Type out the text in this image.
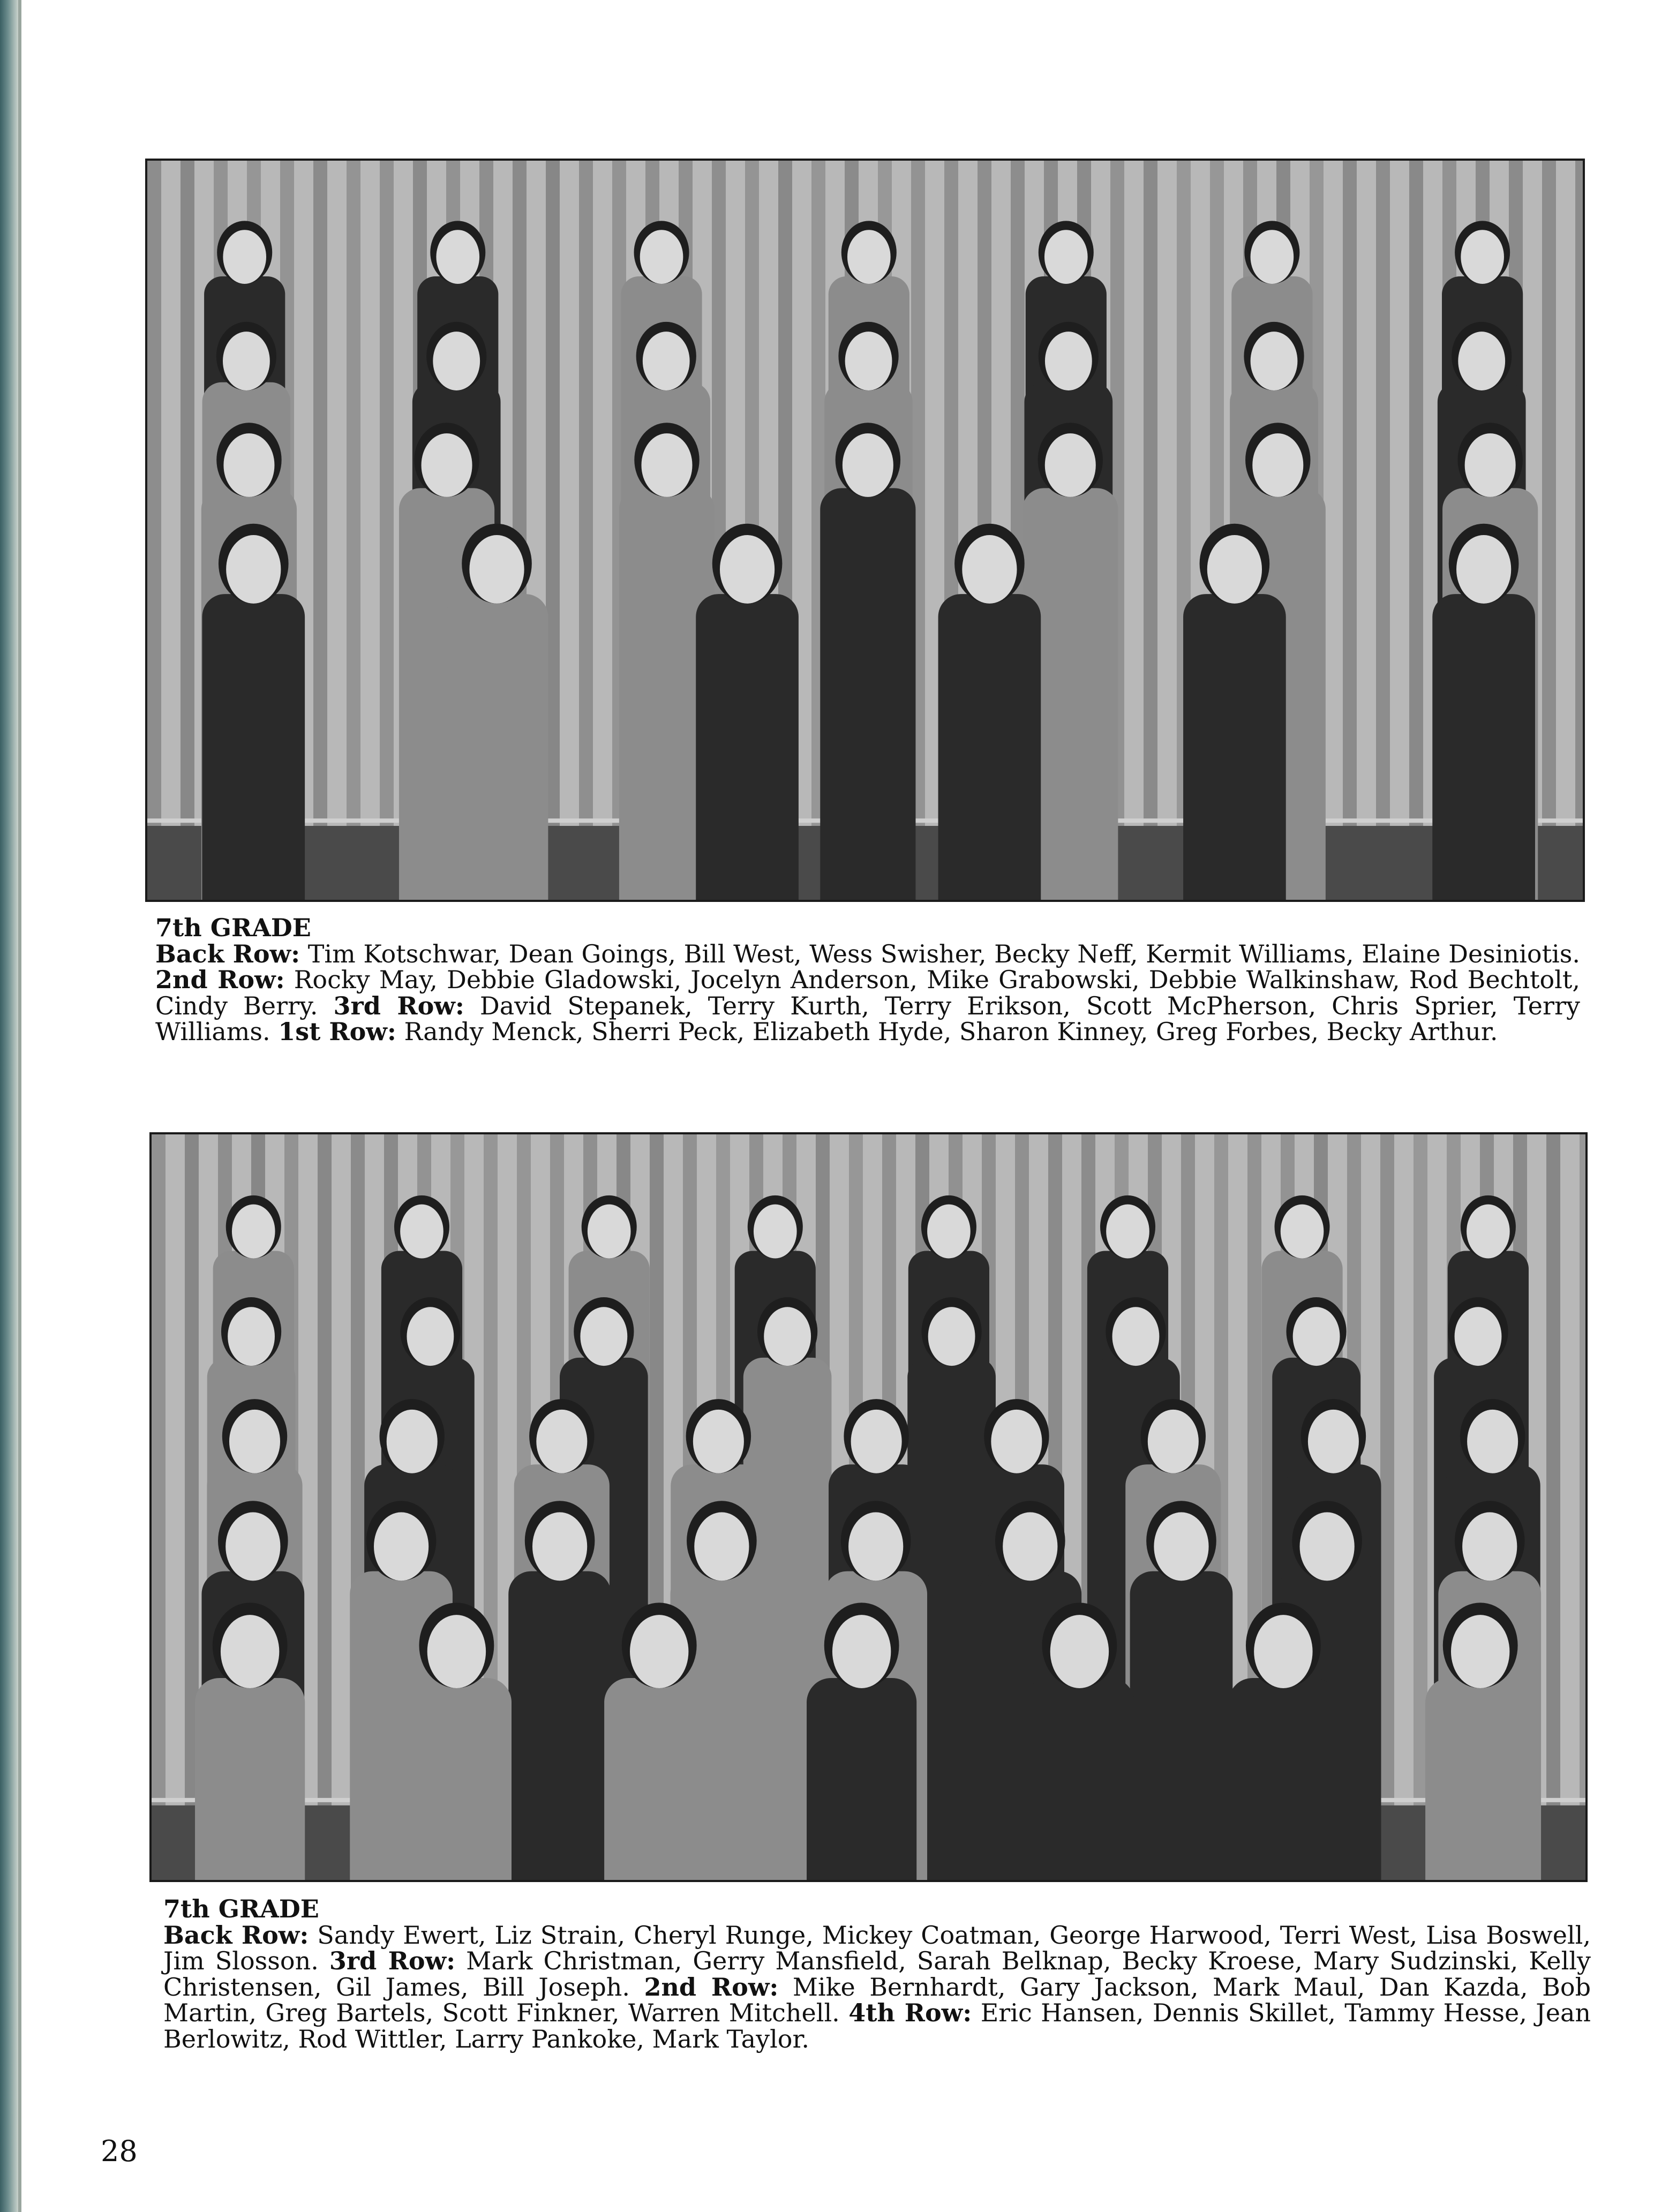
7th GRADE
Back Row: Tim Kotschwar, Dean Goings, Bill West, Wess Swisher, Becky Neff, Kermit Williams, Elaine Desiniotis. 2nd Row: Rocky May, Debbie Gladowski, Jocelyn Anderson, Mike Grabowski, Debbie Walkinshaw, Rod Bechtolt, Cindy Berry. 3rd Row: David Stepanek, Terry Kurth, Terry Erikson, Scott McPherson, Chris Sprier, Terry Williams. 1st Row: Randy Menck, Sherri Peck, Elizabeth Hyde, Sharon Kinney, Greg Forbes, Becky Arthur.
7th GRADE
Back Row: Sandy Ewert, Liz Strain, Cheryl Runge, Mickey Coatman, George Harwood, Terri West, Lisa Boswell, Jim Slosson. 3rd Row: Mark Christman, Gerry Mansfield, Sarah Belknap, Becky Kroese, Mary Sudzinski, Kelly Christensen, Gil James, Bill Joseph. 2nd Row: Mike Bernhardt, Gary Jackson, Mark Maul, Dan Kazda, Bob Martin, Greg Bartels, Scott Finkner, Warren Mitchell. 4th Row: Eric Hansen, Dennis Skillet, Tammy Hesse, Jean Berlowitz, Rod Wittler, Larry Pankoke, Mark Taylor.
28
